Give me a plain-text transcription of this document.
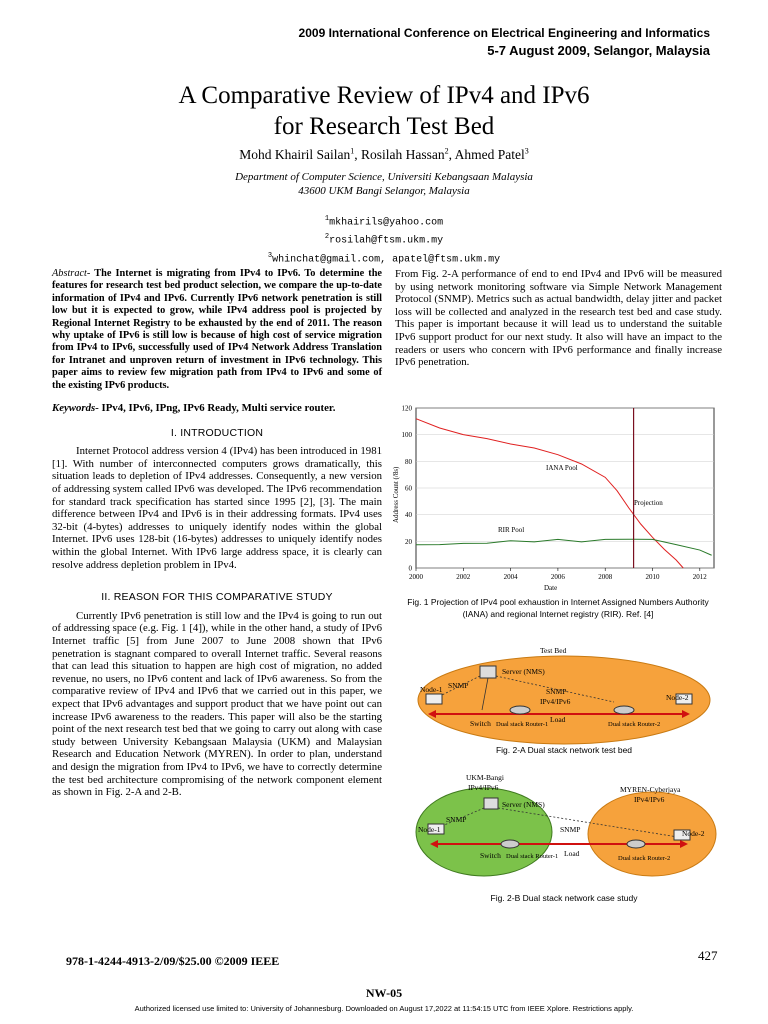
2009 International Conference on Electrical Engineering and Informatics
5-7 August 2009, Selangor, Malaysia
A Comparative Review of IPv4 and IPv6
for Research Test Bed
Mohd Khairil Sailan$^1$, Rosilah Hassan$^2$, Ahmed Patel$^3$
Department of Computer Science, Universiti Kebangsaan Malaysia
43600 UKM Bangi Selangor, Malaysia
$^1$mkhairils@yahoo.com
$^2$rosilah@ftsm.ukm.my
$^3$whinchat@gmail.com, apatel@ftsm.ukm.my

Abstract- The Internet is migrating from IPv4 to IPv6. To determine the features for research test bed product selection, we compare the up-to-date information of IPv4 and IPv6. Currently IPv6 network penetration is still low but it is expected to grow, while IPv4 address pool is projected by Regional Internet Registry to be exhausted by the end of 2011. The reason why uptake of IPv6 is still low is because of high cost of service migration from IPv4 to IPv6, successfully used of IPv4 Network Address Translation for Intranet and unproven return of investment in IPv6 technology. This paper aims to review few migration path from IPv4 to IPv6 and some of the existing IPv6 products.

Keywords- IPv4, IPv6, IPng, IPv6 Ready, Multi service router.

I. INTRODUCTION

Internet Protocol address version 4 (IPv4) has been introduced in 1981 [1]. With number of interconnected computers grows dramatically, this situation leads to depletion of IPv4 addresses. Consequently, a new version of addressing system called IPv6 was developed. The IPv6 recommendation for standard track specification has started since 1995 [2], [3]. The main difference between IPv4 and IPv6 is in their addressing formats. IPv4 uses 32-bit (4-bytes) addresses to uniquely identify nodes within the global Internet. IPv6 uses 128-bit (16-bytes) addresses to uniquely identify nodes within the global Internet. With IPv6 large address space, it is clearly can resolve address depletion problem in IPv4.

II. REASON FOR THIS COMPARATIVE STUDY

Currently IPv6 penetration is still low and the IPv4 is going to run out of addressing space (e.g. Fig. 1 [4]), while in the other hand, a study of IPv6 Internet traffic [5] from June 2007 to June 2008 shown that IPv6 penetration is stagnant compared to overall Internet traffic. Several reasons that can lead this situation to happen are high cost of migration, no added revenue, no users, no IPv6 content and lack of IPv6 awareness. So from the comparative review of IPv4 and IPv6 that we carried out in this paper, we expect that IPv6 advantages and support product that we have point out can increase IPv6 awareness to the readers. This paper will also be the starting point of the next research test bed that we going to carry out along with case study between University Kebangsaan Malaysia (UKM) and Malaysian Research and Education Network (MYREN). In order to plan, understand and design the migration from IPv4 to IPv6, we have to correctly determine the test bed architecture compromising of the network component element as shown in Fig. 2-A and 2-B.

From Fig. 2-A performance of end to end IPv4 and IPv6 will be measured by using network monitoring software via Simple Network Management Protocol (SNMP). Metrics such as actual bandwidth, delay jitter and packet loss will be collected and analyzed in the research test bed and case study. This paper is important because it will lead us to understand the suitable IPv6 support product for our next study. It also will have an impact to the readers or users who concern with IPv6 performance and finally increase IPv6 penetration.

0
20
40
60
80
100
120
2000	2002	2004	2006	2008	2010	2012
IANA Pool
RIR Pool
Projection
Date
Address Count (/8s)
Fig. 1 Projection of IPv4 pool exhaustion in Internet Assigned Numbers Authority (IANA) and regional Internet registry (RIR). Ref. [4]
Test Bed
Server (NMS)
SNMP
SNMP
IPv4/IPv6
Node-1
Node-2
Load
Switch Dual stack Router-1	Dual stack Router-2
Fig. 2-A Dual stack network test bed
UKM-Bangi
IPv4/IPv6	MYREN-Cyberjaya
IPv4/IPv6
Server (NMS)
SNMP
SNMP
Node-1	Node-2
Load
Switch Dual stack Router-1	Dual stack Router-2
Fig. 2-B Dual stack network case study
978-1-4244-4913-2/09/$25.00 ©2009 IEEE	427
NW-05
Authorized licensed use limited to: University of Johannesburg. Downloaded on August 17,2022 at 11:54:15 UTC from IEEE Xplore. Restrictions apply.
